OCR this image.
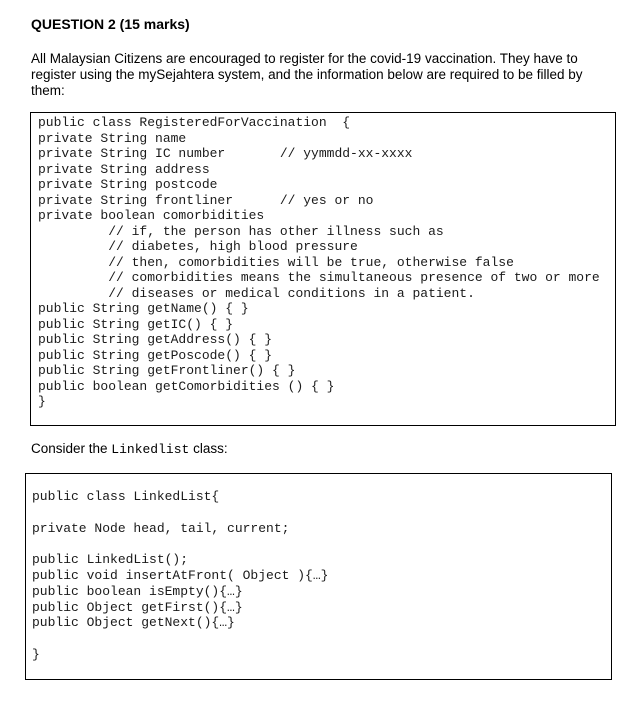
QUESTION 2 (15 marks)

All Malaysian Citizens are encouraged to register for the covid-19 vaccination. They have to register using the mySejahtera system, and the information below are required to be filled by them:

public class RegisteredForVaccination  {
private String name
private String IC number       // yymmdd-xx-xxxx
private String address
private String postcode
private String frontliner      // yes or no
private boolean comorbidities
// if, the person has other illness such as
// diabetes, high blood pressure
// then, comorbidities will be true, otherwise false
// comorbidities means the simultaneous presence of two or more
// diseases or medical conditions in a patient.
public String getName() { }
public String getIC() { }
public String getAddress() { }
public String getPoscode() { }
public String getFrontliner() { }
public boolean getComorbidities () { }
}

Consider the Linkedlist class:

public class LinkedList{
private Node head, tail, current;
public LinkedList();
public void insertAtFront( Object ){…}
public boolean isEmpty(){…}
public Object getFirst(){…}
public Object getNext(){…}
}
